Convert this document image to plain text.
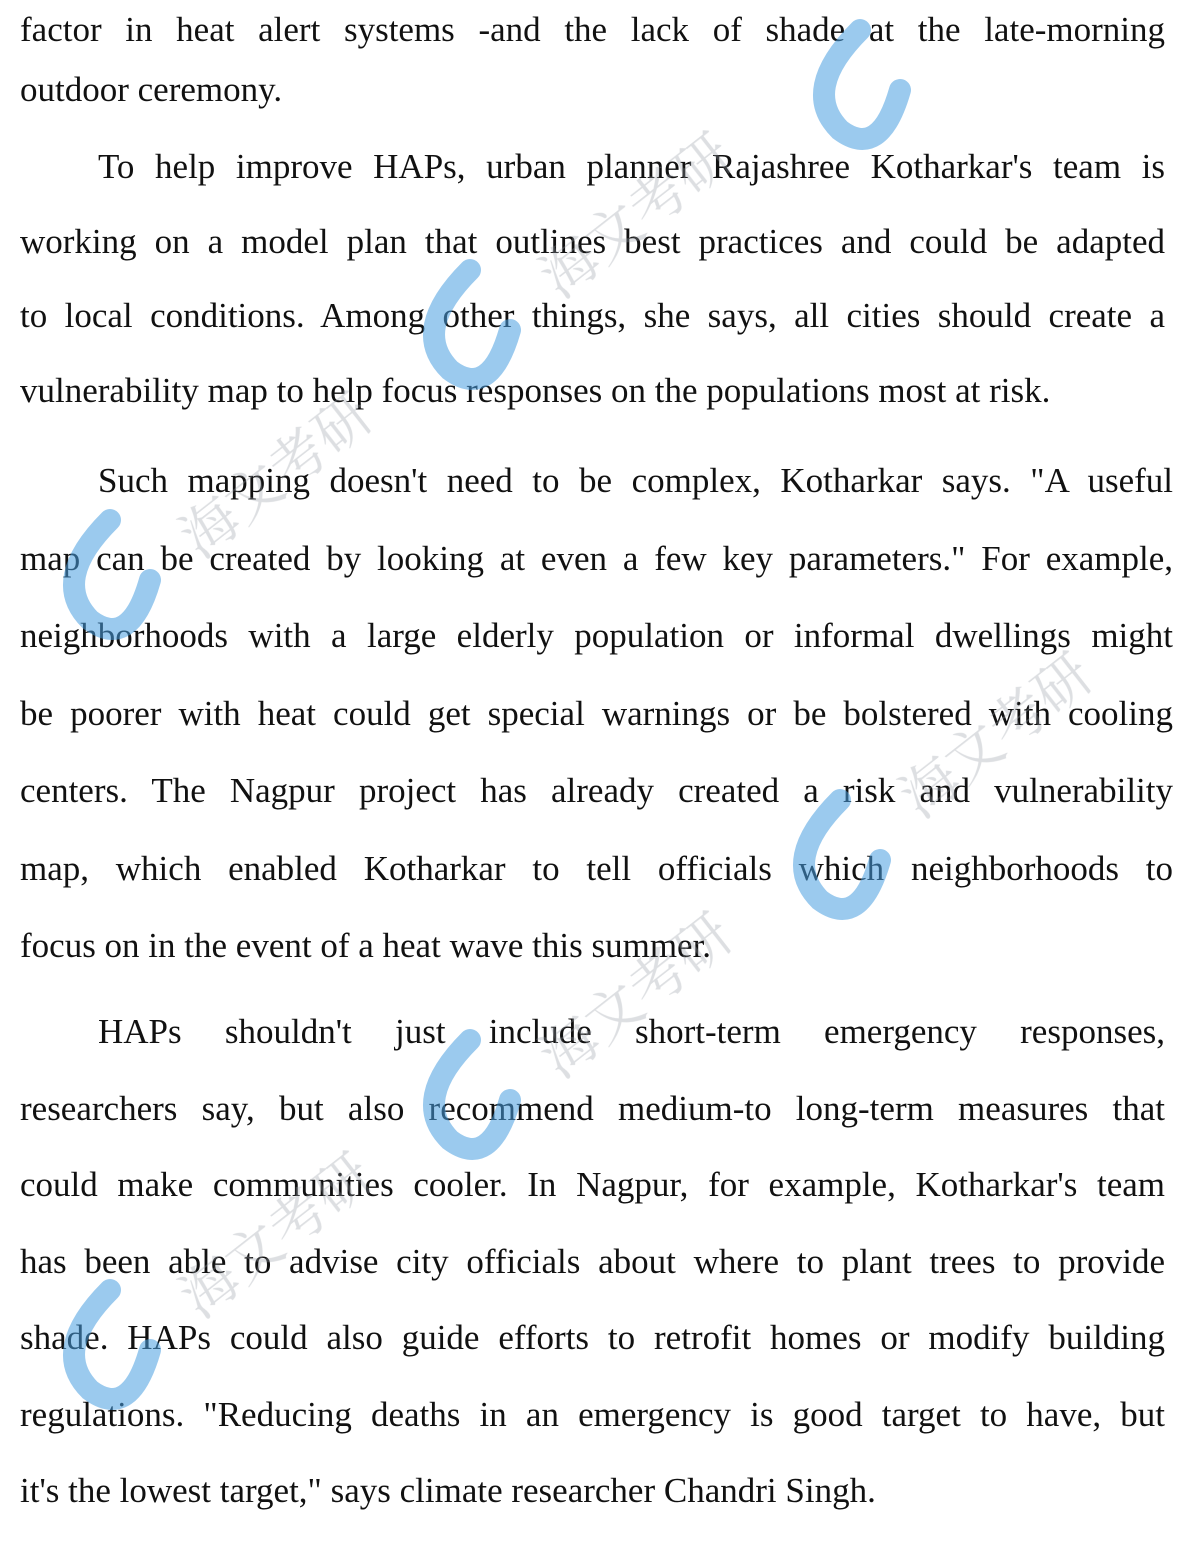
factor in heat alert systems -and the lack of shade at the late-morning
outdoor ceremony.
To help improve HAPs, urban planner Rajashree Kotharkar's team is
working on a model plan that outlines best practices and could be adapted
to local conditions. Among other things, she says, all cities should create a
vulnerability map to help focus responses on the populations most at risk.
Such mapping doesn't need to be complex, Kotharkar says. "A useful
map can be created by looking at even a few key parameters." For example,
neighborhoods with a large elderly population or informal dwellings might
be poorer with heat could get special warnings or be bolstered with cooling
centers. The Nagpur project has already created a risk and vulnerability
map, which enabled Kotharkar to tell officials which neighborhoods to
focus on in the event of a heat wave this summer.
HAPs shouldn't just include short-term emergency responses,
researchers say, but also recommend medium-to long-term measures that
could make communities cooler. In Nagpur, for example, Kotharkar's team
has been able to advise city officials about where to plant trees to provide
shade. HAPs could also guide efforts to retrofit homes or modify building
regulations. "Reducing deaths in an emergency is good target to have, but
it's the lowest target," says climate researcher Chandri Singh.
海文考研
海文考研
海文考研
海文考研
海文考研
